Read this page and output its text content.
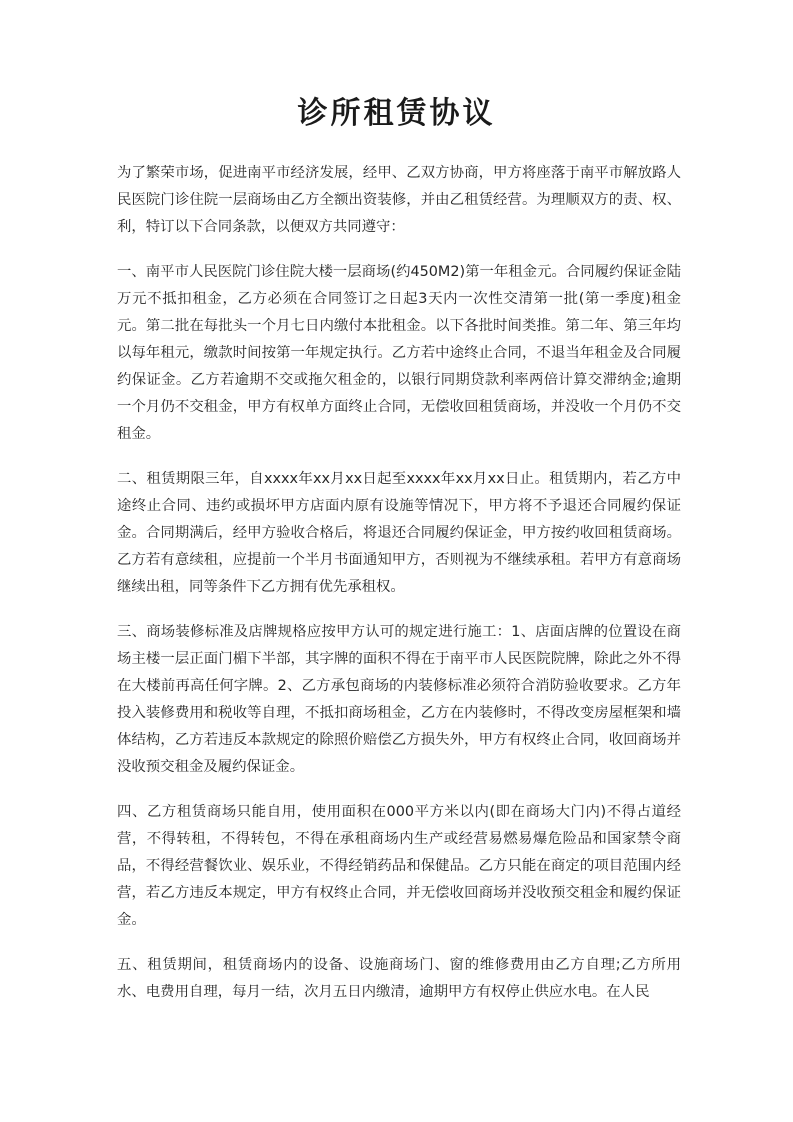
诊所租赁协议

为了繁荣市场，促进南平市经济发展，经甲、乙双方协商，甲方将座落于南平市解放路人民医院门诊住院一层商场由乙方全额出资装修，并由乙租赁经营。为理顺双方的责、权、利，特订以下合同条款，以便双方共同遵守：

一、南平市人民医院门诊住院大楼一层商场(约450M2)第一年租金元。合同履约保证金陆万元不抵扣租金，乙方必须在合同签订之日起3天内一次性交清第一批(第一季度)租金元。第二批在每批头一个月七日内缴付本批租金。以下各批时间类推。第二年、第三年均以每年租元，缴款时间按第一年规定执行。乙方若中途终止合同，不退当年租金及合同履约保证金。乙方若逾期不交或拖欠租金的，以银行同期贷款利率两倍计算交滞纳金;逾期一个月仍不交租金，甲方有权单方面终止合同，无偿收回租赁商场，并没收一个月仍不交租金。

二、租赁期限三年，自xxxx年xx月xx日起至xxxx年xx月xx日止。租赁期内，若乙方中途终止合同、违约或损坏甲方店面内原有设施等情况下，甲方将不予退还合同履约保证金。合同期满后，经甲方验收合格后，将退还合同履约保证金，甲方按约收回租赁商场。乙方若有意续租，应提前一个半月书面通知甲方，否则视为不继续承租。若甲方有意商场继续出租，同等条件下乙方拥有优先承租权。

三、商场装修标准及店牌规格应按甲方认可的规定进行施工：1、店面店牌的位置设在商场主楼一层正面门楣下半部，其字牌的面积不得在于南平市人民医院院牌，除此之外不得在大楼前再高任何字牌。2、乙方承包商场的内装修标准必须符合消防验收要求。乙方年投入装修费用和税收等自理，不抵扣商场租金，乙方在内装修时，不得改变房屋框架和墙体结构，乙方若违反本款规定的除照价赔偿乙方损失外，甲方有权终止合同，收回商场并没收预交租金及履约保证金。

四、乙方租赁商场只能自用，使用面积在000平方米以内(即在商场大门内)不得占道经营，不得转租，不得转包，不得在承租商场内生产或经营易燃易爆危险品和国家禁令商品，不得经营餐饮业、娱乐业，不得经销药品和保健品。乙方只能在商定的项目范围内经营，若乙方违反本规定，甲方有权终止合同，并无偿收回商场并没收预交租金和履约保证金。

五、租赁期间，租赁商场内的设备、设施商场门、窗的维修费用由乙方自理;乙方所用水、电费用自理，每月一结，次月五日内缴清，逾期甲方有权停止供应水电。在人民
